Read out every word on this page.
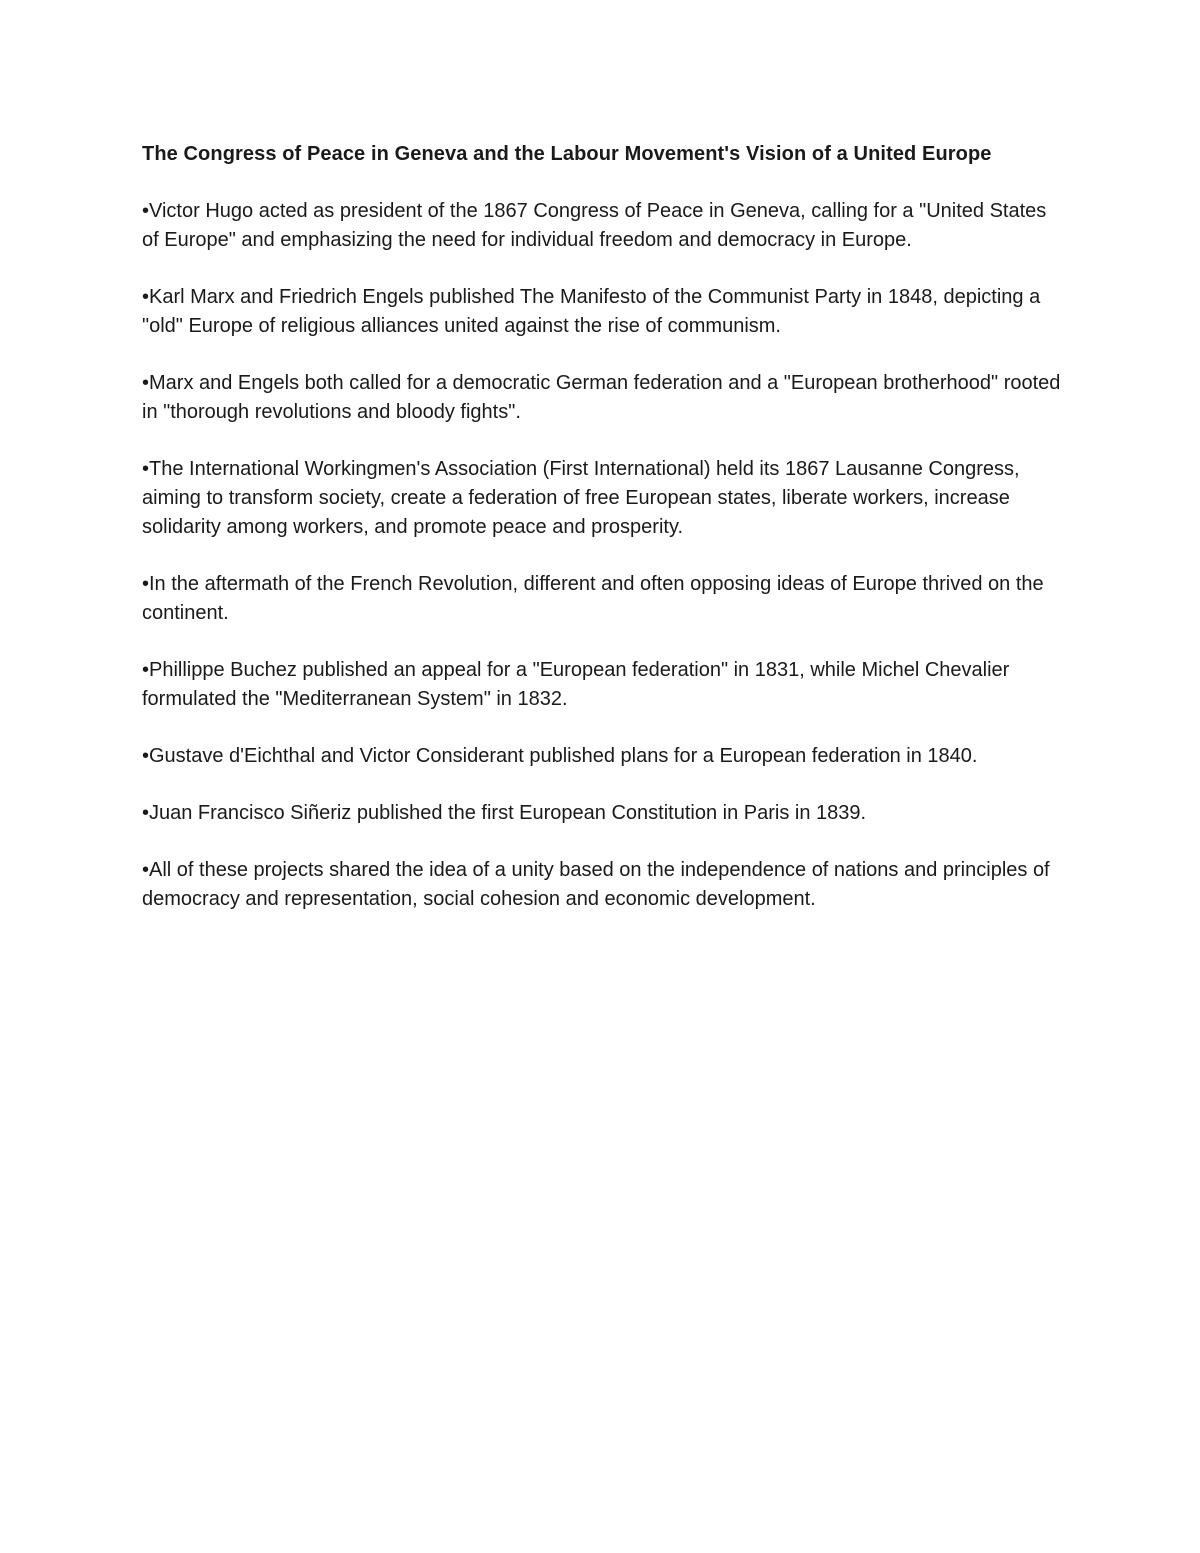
The Congress of Peace in Geneva and the Labour Movement's Vision of a United Europe
•Victor Hugo acted as president of the 1867 Congress of Peace in Geneva, calling for a "United States of Europe" and emphasizing the need for individual freedom and democracy in Europe.
•Karl Marx and Friedrich Engels published The Manifesto of the Communist Party in 1848, depicting a "old" Europe of religious alliances united against the rise of communism.
•Marx and Engels both called for a democratic German federation and a "European brotherhood" rooted in "thorough revolutions and bloody fights".
•The International Workingmen's Association (First International) held its 1867 Lausanne Congress, aiming to transform society, create a federation of free European states, liberate workers, increase solidarity among workers, and promote peace and prosperity.
•In the aftermath of the French Revolution, different and often opposing ideas of Europe thrived on the continent.
•Phillippe Buchez published an appeal for a "European federation" in 1831, while Michel Chevalier formulated the "Mediterranean System" in 1832.
•Gustave d'Eichthal and Victor Considerant published plans for a European federation in 1840.
•Juan Francisco Siñeriz published the first European Constitution in Paris in 1839.
•All of these projects shared the idea of a unity based on the independence of nations and principles of democracy and representation, social cohesion and economic development.
